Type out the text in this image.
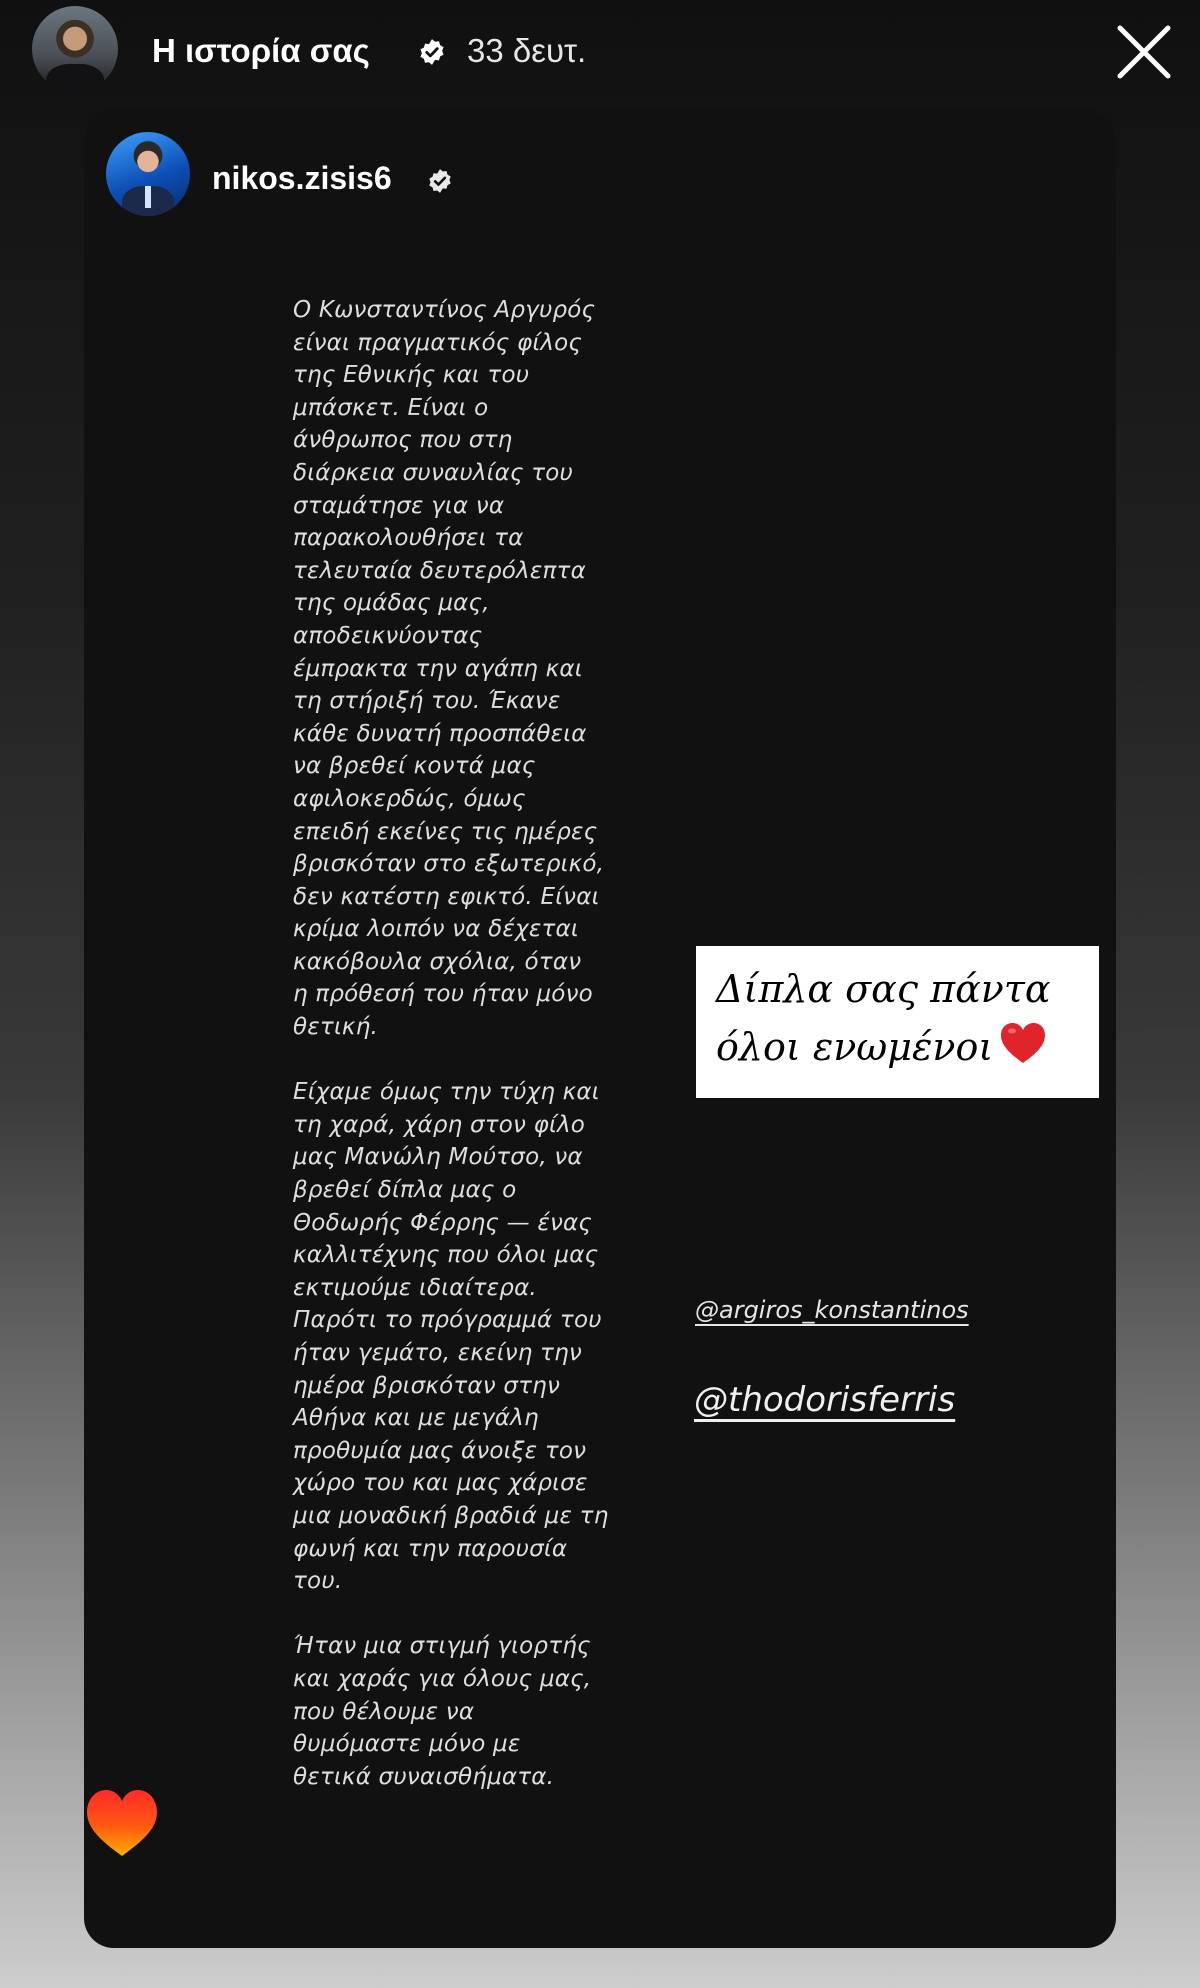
Η ιστορία σας	33 δευτ.
nikos.zisis6
Ο Κωνσταντίνος Αργυρός
είναι πραγματικός φίλος
της Εθνικής και του
μπάσκετ. Είναι ο
άνθρωπος που στη
διάρκεια συναυλίας του
σταμάτησε για να
παρακολουθήσει τα
τελευταία δευτερόλεπτα
της ομάδας μας,
αποδεικνύοντας
έμπρακτα την αγάπη και
τη στήριξή του. Έκανε
κάθε δυνατή προσπάθεια
να βρεθεί κοντά μας
αφιλοκερδώς, όμως
επειδή εκείνες τις ημέρες
βρισκόταν στο εξωτερικό,
δεν κατέστη εφικτό. Είναι
κρίμα λοιπόν να δέχεται
κακόβουλα σχόλια, όταν
η πρόθεσή του ήταν μόνο
θετική.

Είχαμε όμως την τύχη και
τη χαρά, χάρη στον φίλο
μας Μανώλη Μούτσο, να
βρεθεί δίπλα μας ο
Θοδωρής Φέρρης — ένας
καλλιτέχνης που όλοι μας
εκτιμούμε ιδιαίτερα.
Παρότι το πρόγραμμά του
ήταν γεμάτο, εκείνη την
ημέρα βρισκόταν στην
Αθήνα και με μεγάλη
προθυμία μας άνοιξε τον
χώρο του και μας χάρισε
μια μοναδική βραδιά με τη
φωνή και την παρουσία
του.

Ήταν μια στιγμή γιορτής
και χαράς για όλους μας,
που θέλουμε να
θυμόμαστε μόνο με
θετικά συναισθήματα.
Δίπλα σας πάντα
όλοι ενωμένοι
@argiros_konstantinos
@thodorisferris
